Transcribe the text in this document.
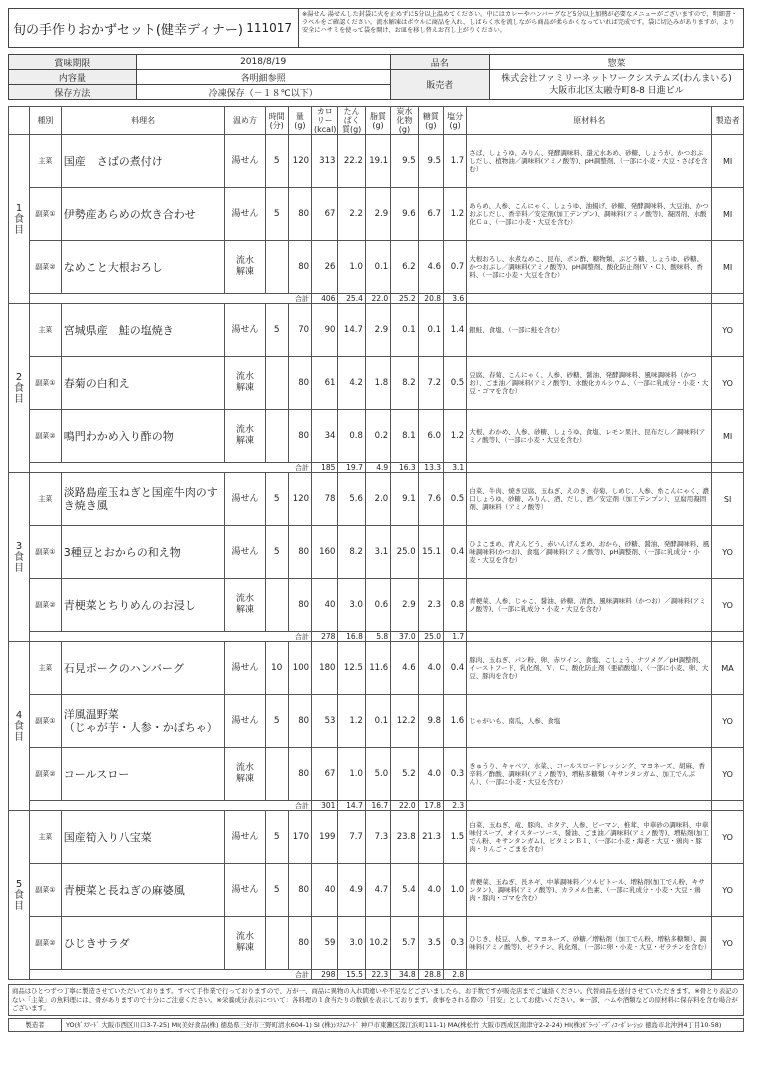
旬の手作りおかずセット(健幸ディナー) 111017
※湯せん 湯せんした封袋に火を止めずに5分以上温めてください。中にはカレーやハンバーグなど5分以上加熱が必要なメニューがございますので、明細書・ラベルをご確認ください。流水解凍はボウルに商品を入れ、しばらく水を流しながら商品が柔らかくなっていれば完成です。袋に切込みがありますが、より安全にハサミを使って袋を開け、お皿を移し替えお召し上がりください。
賞味期限	2018/8/19	品名	惣菜
内容量	各明細参照	販売者	株式会社ファミリーネットワークシステムズ(わんまいる)
大阪市北区太融寺町8-8 日進ビル

保存方法	冷凍保存（－１８℃以下）		
	種別	料理名	温め方	時間(分)	量(g)	カロリー(kcal)	たんぱく質(g)	脂質(g)	炭水化物(g)	糖質(g)	塩分(g)	原材料名	製造者
1食目	主菜	国産　さばの煮付け	湯せん	5	120	313	22.2	19.1	9.5	9.5	1.7	さば、しょうゆ、みりん、発酵調味料、還元水あめ、砂糖、しょうが、かつおぶしだし、植物油／調味料(アミノ酸等)、pH調整剤、（一部に小麦・大豆・さばを含む）	MI
	副菜①	伊勢産あらめの炊き合わせ	湯せん	5	80	67	2.2	2.9	9.6	6.7	1.2	あらめ、人参、こんにゃく、しょうゆ、油揚げ、砂糖、発酵調味料、大豆油、かつおぶしだし、香辛料／安定剤(加工デンプン)、調味料(アミノ酸等)、凝固剤、水酸化Ｃａ、（一部に小麦・大豆を含む）	MI
	副菜②	なめこと大根おろし	流水
解凍		80	26	1.0	0.1	6.2	4.6	0.7	大根おろし、水煮なめこ、昆布、ポン酢、糖物類、ぶどう糖、しょうゆ、砂糖、かつおぶし／調味料(アミノ酸等)、pH調整剤、酸化防止剤(Ｖ・Ｃ)、酸味料、香料、（一部に小麦・大豆を含む）	MI
	合計					406	25.4	22.0	25.2	20.8	3.6		
2食目	主菜	宮城県産　鮭の塩焼き	湯せん	5	70	90	14.7	2.9	0.1	0.1	1.4	銀鮭、食塩、（一部に鮭を含む）	YO
	副菜①	春菊の白和え	流水
解凍		80	61	4.2	1.8	8.2	7.2	0.5	豆腐、春菊、こんにゃく、人参、砂糖、醤油、発酵調味料、風味調味料（かつお）、ごま油／調味料(アミノ酸等)、水酸化カルシウム、（一部に乳成分・小麦・大豆・ゴマを含む）	YO
	副菜②	鳴門わかめ入り酢の物	流水
解凍		80	34	0.8	0.2	8.1	6.0	1.2	大根、わかめ、人参、砂糖、しょうゆ、食塩、レモン果汁、昆布だし／調味料(アミノ酸等)、（一部に小麦・大豆を含む）	MI
	合計					185	19.7	4.9	16.3	13.3	3.1		
3食目	主菜	淡路島産玉ねぎと国産牛肉のすき焼き風	湯せん	5	120	78	5.6	2.0	9.1	7.6	0.5	白菜、牛肉、焼き豆腐、玉ねぎ、えのき、春菊、しめじ、人参、糸こんにゃく、濃口しょうゆ、砂糖、みりん、酒、だし、酒／安定剤（加工デンプン）、豆腐用凝固剤、調味料（アミノ酸等）	SI
	副菜①	3種豆とおからの和え物	湯せん	5	80	160	8.2	3.1	25.0	15.1	0.4	ひよこまめ、青えんどう、赤いんげんまめ、おから、砂糖、醤油、発酵調味料、風味調味料(かつお)、食塩／調味料(アミノ酸等)、pH調整剤、（一部に乳成分・小麦・大豆を含む）	YO
	副菜②	青梗菜とちりめんのお浸し	流水
解凍		80	40	3.0	0.6	2.9	2.3	0.8	青梗菜、人参、じゃこ、醤油、砂糖、清酒、風味調味料（かつお）／調味料(アミノ酸等)、（一部に乳成分・小麦・大豆を含む）	YO
	合計					278	16.8	5.8	37.0	25.0	1.7		
4食目	主菜	石見ポークのハンバーグ	湯せん	10	100	180	12.5	11.6	4.6	4.0	0.4	豚肉、玉ねぎ、パン粉、卵、赤ワイン、食塩、こしょう、ナツメグ／pH調整剤、イーストフード、乳化剤、Ｖ．Ｃ、酸化防止剤（亜硝酸塩）、（一部に小麦、卵、大豆、豚肉を含む）	MA
	副菜①	洋風温野菜
（じゃが芋・人参・かぼちゃ）	湯せん	5	80	53	1.2	0.1	12.2	9.8	1.6	じゃがいも、南瓜、人参、食塩	YO
	副菜②	コールスロー	流水
解凍		80	67	1.0	5.0	5.2	4.0	0.3	きゅうり、キャベツ、水菜、、コールスロードレッシング、マヨネーズ、胡麻、香辛料／酢酸、調味料(アミノ酸等)、増粘多糖類（キサンタンガム、加工でんぷん）、（一部に小麦・大豆を含む）	YO
	合計					301	14.7	16.7	22.0	17.8	2.3		
5食目	主菜	国産筍入り八宝菜	湯せん	5	170	199	7.7	7.3	23.8	21.3	1.5	白菜、玉ねぎ、竜、豚肉、ホタテ、人参、ピーマン、椎茸、中華砂の調味料、中華味付スープ、オイスターソース、醤油、ごま油／調味料(アミノ酸等)、増粘剤(加工でん粉、キサンタンガム)、ビタミンＢ１、（一部に小麦・海老・大豆・鶏肉・豚肉・りんご・ごまを含む）	YO
	副菜①	青梗菜と長ねぎの麻婆風	湯せん	5	80	40	4.9	4.7	5.4	4.0	1.0	青梗菜、玉ねぎ、長ネギ、中華調味料／ソルビトール、増粘剤(加工でん粉、キサンタン)、調味料(アミノ酸等)、カラメル色素、（一部に乳成分・小麦・大豆・鶏肉・豚肉・ゴマを含む）	YO
	副菜②	ひじきサラダ	流水
解凍		80	59	3.0	10.2	5.7	3.5	0.3	ひじき、枝豆、人参、マヨネーズ、砂糖／増粘剤（加工でん粉、増粘多糖類）、調味料(アミノ酸等)、ゼラチン、乳化剤、（一部に卵・小麦・大豆・ゼラチンを含む）	YO
	合計					298	15.5	22.3	34.8	28.8	2.8		
商品はひとつずつ丁寧に製造させていただいております。すべて手作業で行っておりますので、万が一、商品に異物の入れ間違いや不足などございましたら、お手数ですが販売店までご連絡ください。代替商品を送付させていただきます。※骨とり表記のない「主菜」の魚料理には、骨がありますので十分にご注意ください。※栄養成分表示について：各料理の１食当たりの数値を表示しております。食事をされる際の「目安」としてお使いください。※一部、ハムや酒類などの原材料に保存料を含む場合がございます。
製造者	YO(ｶﾞｽﾌｰﾄﾞ 大阪市西区川口3-7-25) MI(美好食品(株) 徳島県三好市三野町清水604-1) SI (株)ｼｽﾃﾑﾌｰﾄﾞ 神戸市東灘区深江浜町111-1) MA(株松竹 大阪市西成区南津守2-2-24) HI(株)ｶﾞﾗｰｼﾞｰﾃﾞｨｺｰﾎﾟﾚｰｼｮﾝ 徳島市北沖洲4丁目10-58)
